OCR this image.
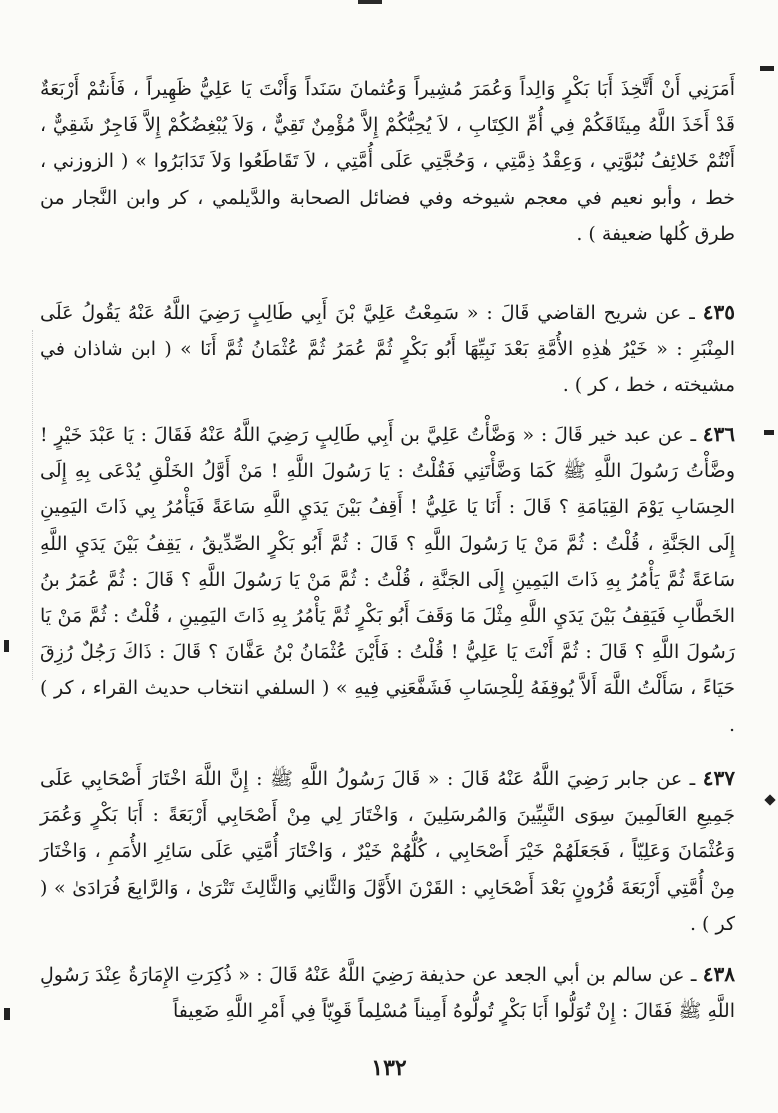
أَمَرَنِي أَنْ أَتَّخِذَ أَبَا بَكْرٍ وَالِداً وَعُمَرَ مُشِيراً وَعُثمانَ سَنَداً وَأَنْتَ يَا عَلِيُّ ظَهِيراً ، فَأَنتُمْ أَرْبَعَةٌ قَدْ أَخَذَ اللَّهُ مِيثَاقَكُمْ فِي أُمِّ الكِتَابِ ، لاَ يُحِبُّكُمْ إِلاَّ مُؤْمِنٌ تَقِيٌّ ، وَلاَ يُبْغِضُكُمْ إِلاَّ فَاجِرٌ شَقِيٌّ ، أَنْتُمْ خَلائِفُ نُبُوَّتِي ، وَعِقْدُ ذِمَّتِي ، وَحُجَّتِي عَلَى أُمَّتِي ، لاَ تَقَاطَعُوا وَلاَ تَدَابَرُوا » ( الزوزني ، خط ، وأبو نعيم في معجم شيوخه وفي فضائل الصحابة والدَّيلمي ، كر وابن النَّجار من طرق كُلها ضعيفة ) .

٤٣٥ ـ عن شريح القاضي قَالَ : « سَمِعْتُ عَلِيَّ بْنَ أَبِي طَالِبٍ رَضِيَ اللَّهُ عَنْهُ يَقُولُ عَلَى المِنْبَرِ : « خَيْرُ هٰذِهِ الأُمَّةِ بَعْدَ نَبِيِّهَا أَبُو بَكْرٍ ثُمَّ عُمَرُ ثُمَّ عُثْمَانُ ثُمَّ أَنَا » ( ابن شاذان في مشيخته ، خط ، كر ) .

٤٣٦ ـ عن عبد خير قَالَ : « وَضَّأْتُ عَلِيَّ بن أَبِي طَالِبٍ رَضِيَ اللَّهُ عَنْهُ فَقَالَ : يَا عَبْدَ خَيْرٍ ! وضَّأْتُ رَسُولَ اللَّهِ ﷺ كَمَا وَضَّأْتَنِي فَقُلْتُ : يَا رَسُولَ اللَّهِ ! مَنْ أَوَّلُ الخَلْقِ يُدْعَى بِهِ إِلَى الحِسَابِ يَوْمَ القِيَامَةِ ؟ قَالَ : أَنَا يَا عَلِيُّ ! أَقِفُ بَيْنَ يَدَيِ اللَّهِ سَاعَةً فَيَأْمُرُ بِي ذَاتَ اليَمِينِ إِلَى الجَنَّةِ ، قُلْتُ : ثُمَّ مَنْ يَا رَسُولَ اللَّهِ ؟ قَالَ : ثُمَّ أَبُو بَكْرٍ الصِّدِّيقُ ، يَقِفُ بَيْنَ يَدَيِ اللَّهِ سَاعَةً ثُمَّ يَأْمُرُ بِهِ ذَاتَ اليَمِينِ إِلَى الجَنَّةِ ، قُلْتُ : ثُمَّ مَنْ يَا رَسُولَ اللَّهِ ؟ قَالَ : ثُمَّ عُمَرُ بنُ الخَطَّابِ فَيَقِفُ بَيْنَ يَدَيِ اللَّهِ مِثْلَ مَا وَقَفَ أَبُو بَكْرٍ ثُمَّ يَأْمُرُ بِهِ ذَاتَ اليَمِينِ ، قُلْتُ : ثُمَّ مَنْ يَا رَسُولَ اللَّهِ ؟ قَالَ : ثُمَّ أَنْتَ يَا عَلِيُّ ! قُلْتُ : فَأَيْنَ عُثْمَانُ بْنُ عَفَّانَ ؟ قَالَ : ذَاكَ رَجُلٌ رُزِقَ حَيَاءً ، سَأَلْتُ اللَّهَ أَلاَّ يُوقِفَهُ لِلْحِسَابِ فَشَفَّعَنِي فِيهِ » ( السلفي انتخاب حديث القراء ، كر ) .

٤٣٧ ـ عن جابر رَضِيَ اللَّهُ عَنْهُ قَالَ : « قَالَ رَسُولُ اللَّهِ ﷺ : إِنَّ اللَّهَ اخْتَارَ أَصْحَابِي عَلَى جَمِيعِ العَالَمِينَ سِوَى النَّبِيِّينَ وَالمُرسَلِينَ ، وَاخْتَارَ لِي مِنْ أَصْحَابِي أَرْبَعَةً : أَبَا بَكْرٍ وَعُمَرَ وَعُثْمَانَ وَعَلِيّاً ، فَجَعَلَهُمْ خَيْرَ أَصْحَابِي ، كُلُّهُمْ خَيْرٌ ، وَاخْتَارَ أُمَّتِي عَلَى سَائِرِ الأُمَمِ ، وَاخْتَارَ مِنْ أُمَّتِي أَرْبَعَةَ قُرُونٍ بَعْدَ أَصْحَابِي : القَرْنَ الأَوَّلَ وَالثَّانِي وَالثَّالِثَ تَتْرَىٰ ، وَالرَّابِعَ فُرَادَىٰ » ( كر ) .

٤٣٨ ـ عن سالم بن أبي الجعد عن حذيفة رَضِيَ اللَّهُ عَنْهُ قَالَ : « ذُكِرَتِ الإِمَارَةُ عِنْدَ رَسُولِ اللَّهِ ﷺ فَقَالَ : إِنْ تُوَلُّوا أَبَا بَكْرٍ تُولُّوهُ أَمِيناً مُسْلِماً قَوِيّاً فِي أَمْرِ اللَّهِ ضَعِيفاً

١٣٢
